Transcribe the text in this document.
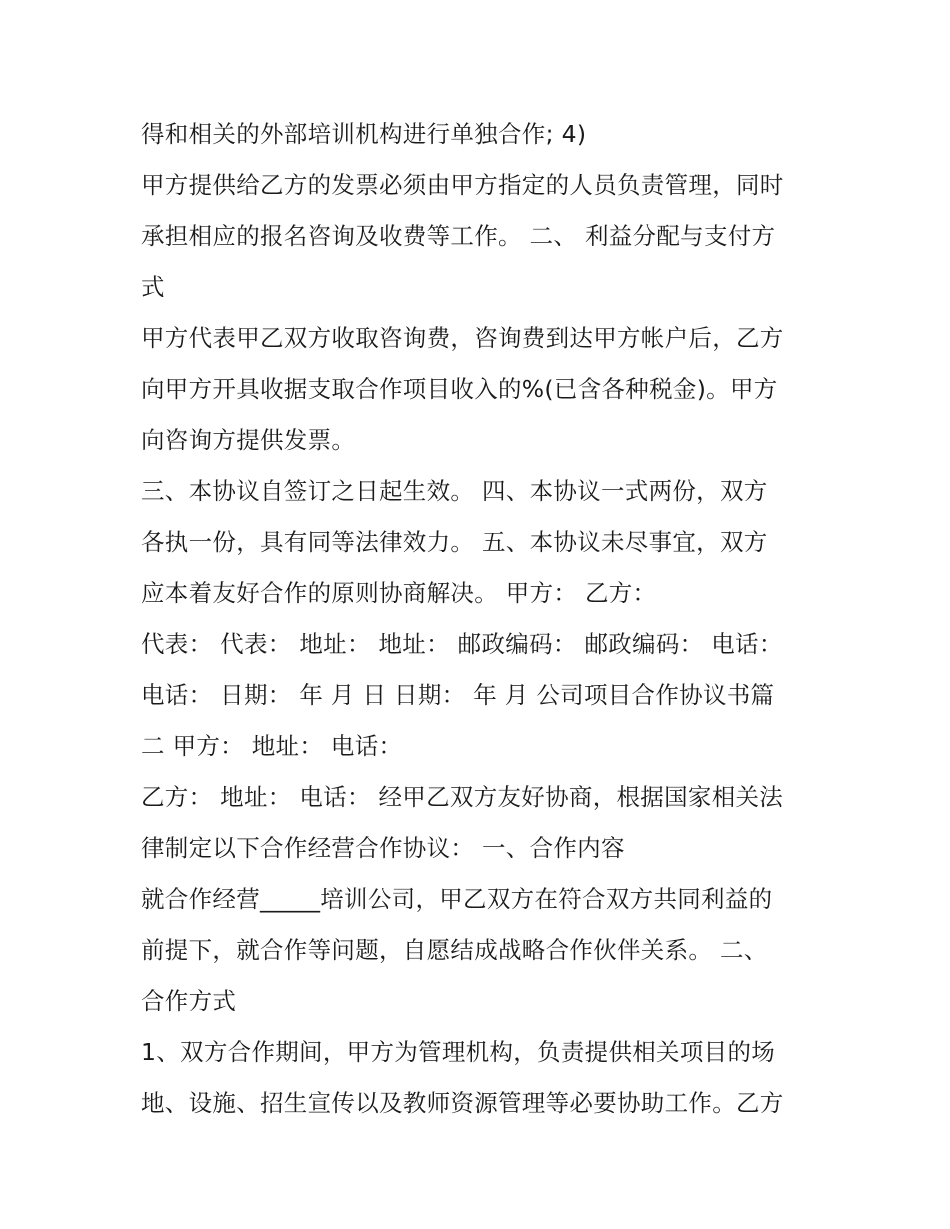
得和相关的外部培训机构进行单独合作; 4)
甲方提供给乙方的发票必须由甲方指定的人员负责管理，同时
承担相应的报名咨询及收费等工作。 二、 利益分配与支付方
式
甲方代表甲乙双方收取咨询费，咨询费到达甲方帐户后，乙方
向甲方开具收据支取合作项目收入的%(已含各种税金)。甲方
向咨询方提供发票。
三、本协议自签订之日起生效。 四、本协议一式两份，双方
各执一份，具有同等法律效力。 五、本协议未尽事宜，双方
应本着友好合作的原则协商解决。 甲方： 乙方：
代表： 代表： 地址： 地址： 邮政编码： 邮政编码： 电话：
电话： 日期： 年 月 日 日期： 年 月 公司项目合作协议书篇
二 甲方： 地址： 电话：
乙方： 地址： 电话： 经甲乙双方友好协商，根据国家相关法
律制定以下合作经营合作协议： 一、合作内容
就合作经营_____培训公司，甲乙双方在符合双方共同利益的
前提下，就合作等问题，自愿结成战略合作伙伴关系。 二、
合作方式
1、双方合作期间，甲方为管理机构，负责提供相关项目的场
地、设施、招生宣传以及教师资源管理等必要协助工作。乙方
